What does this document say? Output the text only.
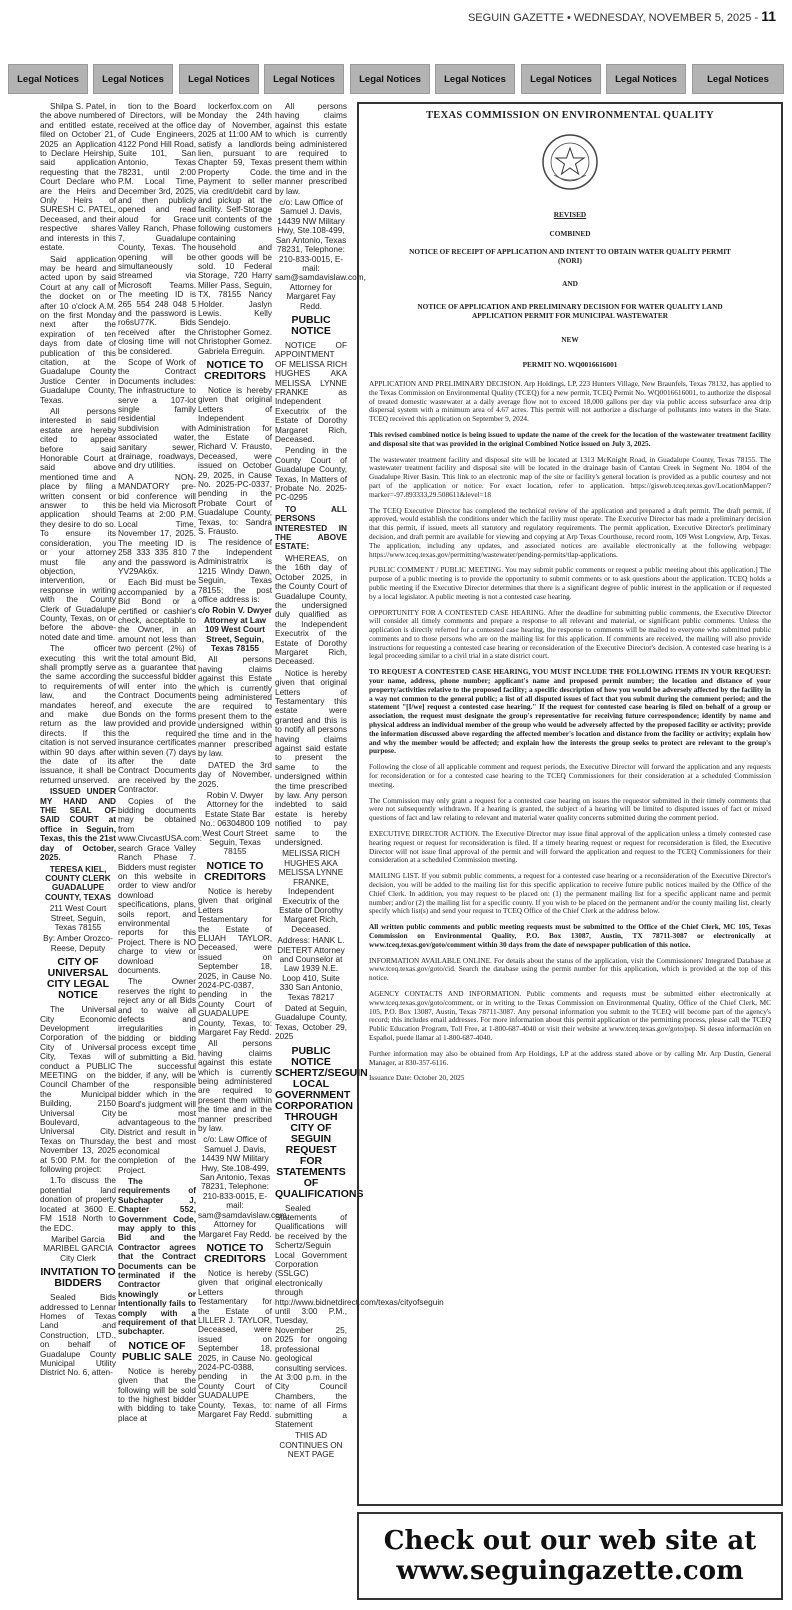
SEGUIN GAZETTE • WEDNESDAY, NOVEMBER 5, 2025 - 11
Legal Notices	Legal Notices	Legal Notices	Legal Notices	Legal Notices	Legal Notices	Legal Notices	Legal Notices	Legal Notices

Shilpa S. Patel, in the above numbered and entitled estate, filed on October 21, 2025 an Application to Declare Heirship, said application requesting that the Court Declare who are the Heirs and Only Heirs of SURESH C. PATEL, Deceased, and their respective shares and interests in this estate.

Said application may be heard and acted upon by said Court at any call of the docket on or after 10 o'clock A.M. on the first Monday next after the expiration of ten days from date of publication of this citation, at the Guadalupe County Justice Center in Guadalupe County, Texas.

All persons interested in said estate are hereby cited to appear before said Honorable Court at said above mentioned time and place by filing a written consent or answer to this application should they desire to do so. To ensure its consideration, you or your attorney must file any objection, intervention, or response in writing with the County Clerk of Guadalupe County, Texas, on or before the above-noted date and time.

The officer executing this writ shall promptly serve the same according to requirements of law, and the mandates hereof, and make due return as the law directs. If this citation is not served within 90 days after the date of its issuance, it shall be returned unserved.

ISSUED UNDER MY HAND AND THE SEAL OF SAID COURT at office in Seguin, Texas, this the 21st day of October, 2025.

TERESA KIEL, COUNTY CLERK GUADALUPE COUNTY, TEXAS

211 West Court Street, Seguin, Texas 78155

By: Amber Orozco-Reese, Deputy

CITY OF UNIVERSAL CITY LEGAL NOTICE

The Universal City Economic Development Corporation of the City of Universal City, Texas will conduct a PUBLIC MEETING on the Council Chamber of the Municipal Building, 2150 Universal City Boulevard, Universal City, Texas on Thursday, November 13, 2025 at 5:00 P.M. for the following project:

1.To discuss the potential land donation of property located at 3600 E. FM 1518 North to the EDC.

Maribel Garcia MARIBEL GARCIA City Clerk

INVITATION TO BIDDERS

Sealed Bids addressed to Lennar Homes of Texas Land and Construction, LTD., on behalf of Guadalupe County Municipal Utility District No. 6, atten-

tion to the Board of Directors, will be received at the office of Cude Engineers, 4122 Pond Hill Road, Suite 101, San Antonio, Texas 78231, until 2:00 P.M. Local Time, December 3rd, 2025, and then publicly opened and read aloud for Grace Valley Ranch, Phase 7, Guadalupe County, Texas. The opening will be simultaneously streamed via Microsoft Teams. The meeting ID is 265 554 248 048 5 and the password is ro6sU77K. Bids received after the closing time will not be considered.

Scope of Work of the Contract Documents includes: The infrastructure to serve a 107-lot single family residential subdivision with associated water, sanitary sewer, drainage, roadways, and dry utilities.

A NON-MANDATORY pre-bid conference will be held via Microsoft Teams at 2:00 P.M. Local Time, November 17, 2025. The meeting ID is 258 333 335 810 7 and the password is YV29Ak6x.

Each Bid must be accompanied by a Bid Bond or a certified or cashier's check, acceptable to the Owner, in an amount not less than two percent (2%) of the total amount Bid, as a guarantee that the successful bidder will enter into the Contract Documents and execute the Bonds on the forms provided and provide the required insurance certificates within seven (7) days after the date Contract Documents are received by the Contractor.

Copies of the bidding documents may be obtained from www.CivcastUSA.com: search Grace Valley Ranch Phase 7. Bidders must register on this website in order to view and/or download specifications, plans, soils report, and environmental reports for this Project. There is NO charge to view or download documents.

The Owner reserves the right to reject any or all Bids and to waive all defects and irregularities in bidding or bidding process except time of submitting a Bid. The successful bidder, if any, will be the responsible bidder which in the Board's judgment will be most advantageous to the District and result in the best and most economical completion of the Project.

The requirements of Subchapter J, Chapter 552, Government Code, may apply to this Bid and the Contractor agrees that the Contract Documents can be terminated if the Contractor knowingly or intentionally fails to comply with a requirement of that subchapter.

NOTICE OF PUBLIC SALE

Notice is hereby given that the following will be sold to the highest bidder with bidding to take place at

lockerfox.com on Monday the 24th day of November, 2025 at 11:00 AM to satisfy a landlords lien, pursuant to Chapter 59, Texas Property Code. Payment to seller via credit/debit card and pickup at the facility. Self-Storage unit contents of the following customers containing household and other goods will be sold. 10 Federal Storage, 720 Harry Miller Pass, Seguin, TX, 78155 Nancy Holder. Jaslyn Lewis. Kelly Sendejo. Christopher Gomez. Christopher Gomez. Gabriela Erreguin.

NOTICE TO CREDITORS

Notice is hereby given that original Letters of Independent Administration for the Estate of Richard V. Frausto, Deceased, were issued on October 29, 2025, in Cause No. 2025-PC-0337, pending in the Probate Court of Guadalupe County, Texas, to: Sandra S. Frausto.

The residence of the Independent Administratrix is 1215 Windy Dawn, Seguin, Texas 78155; the post office address is:

c/o Robin V. Dwyer Attorney at Law 109 West Court Street, Seguin, Texas 78155

All persons having claims against this Estate which is currently being administered are required to present them to the undersigned within the time and in the manner prescribed by law.

DATED the 3rd day of November, 2025.

Robin V. Dwyer Attorney for the Estate State Bar No.: 06304800 109 West Court Street Seguin, Texas 78155

NOTICE TO CREDITORS

Notice is hereby given that original Letters Testamentary for the Estate of ELIJAH TAYLOR, Deceased, were issued on September 18, 2025, in Cause No. 2024-PC-0387, pending in the County Court of GUADALUPE County, Texas, to: Margaret Fay Redd.

All persons having claims against this estate which is currently being administered are required to present them within the time and in the manner prescribed by law.

c/o: Law Office of Samuel J. Davis, 14439 NW Military Hwy, Ste.108-499, San Antonio, Texas 78231, Telephone: 210-833-0015, E-mail: sam@samdavislaw.com, Attorney for Margaret Fay Redd.

NOTICE TO CREDITORS

Notice is hereby given that original Letters Testamentary for the Estate of LILLER J. TAYLOR, Deceased, were issued on September 18, 2025, in Cause No. 2024-PC-0388, pending in the County Court of GUADALUPE County, Texas, to: Margaret Fay Redd.

All persons having claims against this estate which is currently being administered are required to present them within the time and in the manner prescribed by law.

c/o: Law Office of Samuel J. Davis, 14439 NW Military Hwy, Ste.108-499, San Antonio, Texas 78231, Telephone: 210-833-0015, E-mail: sam@samdavislaw.com, Attorney for Margaret Fay Redd.

PUBLIC NOTICE

NOTICE OF APPOINTMENT OF MELISSA RICH HUGHES AKA MELISSA LYNNE FRANKE as Independent Executrix of the Estate of Dorothy Margaret Rich, Deceased.

Pending in the County Court of Guadalupe County, Texas, In Matters of Probate No. 2025-PC-0295

TO ALL PERSONS INTERESTED IN THE ABOVE ESTATE:

WHEREAS, on the 16th day of October 2025, in the County Court of Guadalupe County, the undersigned duly qualified as the Independent Executrix of the Estate of Dorothy Margaret Rich, Deceased.

Notice is hereby given that original Letters of Testamentary this estate were granted and this is to notify all persons having claims against said estate to present the same to the undersigned within the time prescribed by law. Any person indebted to said estate is hereby notified to pay same to the undersigned.

MELISSA RICH HUGHES AKA MELISSA LYNNE FRANKE, Independent Executrix of the Estate of Dorothy Margaret Rich, Deceased.

Address: HANK L. DIETERT Attorney and Counselor at Law 1939 N.E. Loop 410, Suite 330 San Antonio, Texas 78217

Dated at Seguin, Guadalupe County, Texas, October 29, 2025

PUBLIC NOTICE SCHERTZ/SEGUIN LOCAL GOVERNMENT CORPORATION THROUGH CITY OF SEGUIN REQUEST FOR STATEMENTS OF QUALIFICATIONS

Sealed Statements of Qualifications will be received by the Schertz/Seguin Local Government Corporation (SSLGC) electronically through http://www.bidnetdirect.com/texas/cityofseguin until 3:00 P.M., Tuesday, November 25, 2025 for ongoing professional geological consulting services. At 3:00 p.m. in the City Council Chambers, the name of all Firms submitting a Statement

THIS AD CONTINUES ON NEXT PAGE

TEXAS COMMISSION ON ENVIRONMENTAL QUALITY

REVISED

COMBINED

NOTICE OF RECEIPT OF APPLICATION AND INTENT TO OBTAIN WATER QUALITY PERMIT (NORI)

AND

NOTICE OF APPLICATION AND PRELIMINARY DECISION FOR WATER QUALITY LAND APPLICATION PERMIT FOR MUNICIPAL WASTEWATER

NEW

PERMIT NO. WQ0016616001

APPLICATION AND PRELIMINARY DECISION. Arp Holdings, LP, 223 Hunters Village, New Braunfels, Texas 78132, has applied to the Texas Commission on Environmental Quality (TCEQ) for a new permit, TCEQ Permit No. WQ0016616001, to authorize the disposal of treated domestic wastewater at a daily average flow not to exceed 18,000 gallons per day via public access subsurface area drip dispersal system with a minimum area of 4.67 acres. This permit will not authorize a discharge of pollutants into waters in the State. TCEQ received this application on September 9, 2024.

This revised combined notice is being issued to update the name of the creek for the location of the wastewater treatment facility and disposal site that was provided in the original Combined Notice issued on July 3, 2025.

The wastewater treatment facility and disposal site will be located at 1313 McKnight Road, in Guadalupe County, Texas 78155. The wastewater treatment facility and disposal site will be located in the drainage basin of Cantau Creek in Segment No. 1804 of the Guadalupe River Basin. This link to an electronic map of the site or facility's general location is provided as a public courtesy and not part of the application or notice. For exact location, refer to application. https://gisweb.tceq.texas.gov/LocationMapper/?marker=-97.893333,29.508611&level=18

The TCEQ Executive Director has completed the technical review of the application and prepared a draft permit. The draft permit, if approved, would establish the conditions under which the facility must operate. The Executive Director has made a preliminary decision that this permit, if issued, meets all statutory and regulatory requirements. The permit application, Executive Director's preliminary decision, and draft permit are available for viewing and copying at Arp Texas Courthouse, record room, 109 West Longview, Arp, Texas. The application, including any updates, and associated notices are available electronically at the following webpage: https://www.tceq.texas.gov/permitting/wastewater/pending-permits/tlap-applications.

PUBLIC COMMENT / PUBLIC MEETING. You may submit public comments or request a public meeting about this application.] The purpose of a public meeting is to provide the opportunity to submit comments or to ask questions about the application. TCEQ holds a public meeting if the Executive Director determines that there is a significant degree of public interest in the application or if requested by a local legislator. A public meeting is not a contested case hearing.

OPPORTUNITY FOR A CONTESTED CASE HEARING. After the deadline for submitting public comments, the Executive Director will consider all timely comments and prepare a response to all relevant and material, or significant public comments. Unless the application is directly referred for a contested case hearing, the response to comments will be mailed to everyone who submitted public comments and to those persons who are on the mailing list for this application. If comments are received, the mailing will also provide instructions for requesting a contested case hearing or reconsideration of the Executive Director's decision. A contested case hearing is a legal proceeding similar to a civil trial in a state district court.

TO REQUEST A CONTESTED CASE HEARING, YOU MUST INCLUDE THE FOLLOWING ITEMS IN YOUR REQUEST: your name, address, phone number; applicant's name and proposed permit number; the location and distance of your property/activities relative to the proposed facility; a specific description of how you would be adversely affected by the facility in a way not common to the general public; a list of all disputed issues of fact that you submit during the comment period; and the statement "[I/we] request a contested case hearing." If the request for contested case hearing is filed on behalf of a group or association, the request must designate the group's representative for receiving future correspondence; identify by name and physical address an individual member of the group who would be adversely affected by the proposed facility or activity; provide the information discussed above regarding the affected member's location and distance from the facility or activity; explain how and why the member would be affected; and explain how the interests the group seeks to protect are relevant to the group's purpose.

Following the close of all applicable comment and request periods, the Executive Director will forward the application and any requests for reconsideration or for a contested case hearing to the TCEQ Commissioners for their consideration at a scheduled Commission meeting.

The Commission may only grant a request for a contested case hearing on issues the requestor submitted in their timely comments that were not subsequently withdrawn. If a hearing is granted, the subject of a hearing will be limited to disputed issues of fact or mixed questions of fact and law relating to relevant and material water quality concerns submitted during the comment period.

EXECUTIVE DIRECTOR ACTION. The Executive Director may issue final approval of the application unless a timely contested case hearing request or request for reconsideration is filed. If a timely hearing request or request for reconsideration is filed, the Executive Director will not issue final approval of the permit and will forward the application and request to the TCEQ Commissioners for their consideration at a scheduled Commission meeting.

MAILING LIST. If you submit public comments, a request for a contested case hearing or a reconsideration of the Executive Director's decision, you will be added to the mailing list for this specific application to receive future public notices mailed by the Office of the Chief Clerk. In addition, you may request to be placed on: (1) the permanent mailing list for a specific applicant name and permit number; and/or (2) the mailing list for a specific county. If you wish to be placed on the permanent and/or the county mailing list, clearly specify which list(s) and send your request to TCEQ Office of the Chief Clerk at the address below.

All written public comments and public meeting requests must be submitted to the Office of the Chief Clerk, MC 105, Texas Commission on Environmental Quality, P.O. Box 13087, Austin, TX 78711-3087 or electronically at www.tceq.texas.gov/goto/comment within 30 days from the date of newspaper publication of this notice.

INFORMATION AVAILABLE ONLINE. For details about the status of the application, visit the Commissioners' Integrated Database at www.tceq.texas.gov/goto/cid. Search the database using the permit number for this application, which is provided at the top of this notice.

AGENCY CONTACTS AND INFORMATION. Public comments and requests must be submitted either electronically at www.tceq.texas.gov/goto/comment, or in writing to the Texas Commission on Environmental Quality, Office of the Chief Clerk, MC 105, P.O. Box 13087, Austin, Texas 78711-3087. Any personal information you submit to the TCEQ will become part of the agency's record; this includes email addresses. For more information about this permit application or the permitting process, please call the TCEQ Public Education Program, Toll Free, at 1-800-687-4040 or visit their website at www.tceq.texas.gov/goto/pep. Si desea información en Español, puede llamar al 1-800-687-4040.

Further information may also be obtained from Arp Holdings, LP at the address stated above or by calling Mr. Arp Dustin, General Manager, at 830-357-6116.

Issuance Date: October 20, 2025

Check out our web site at
www.seguingazette.com
